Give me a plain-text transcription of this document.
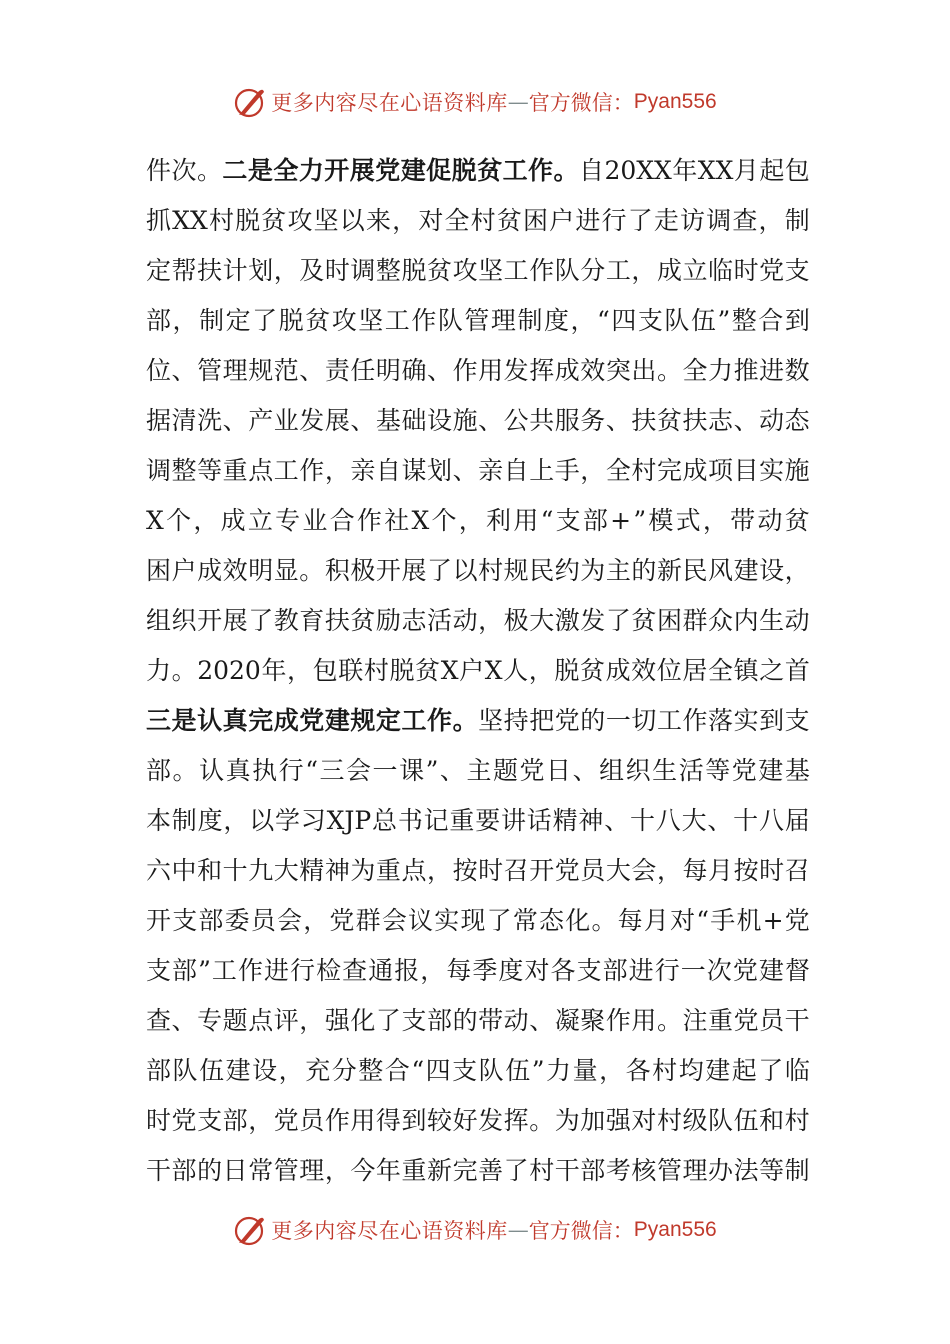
更多内容尽在心语资料库 — 官方微信： Pyan556
件 次 。 二 是 全 力 开 展 党 建 促 脱 贫 工 作 。 自 20XX 年 XX 月 起 包
抓 XX 村 脱 贫 攻 坚 以 来 ， 对 全 村 贫 困 户 进 行 了 走 访 调 查 ， 制
定 帮 扶 计 划 ， 及 时 调 整 脱 贫 攻 坚 工 作 队 分 工 ， 成 立 临 时 党 支
部 ， 制 定 了 脱 贫 攻 坚 工 作 队 管 理 制 度 ， “ 四 支 队 伍 ” 整 合 到
位 、 管 理 规 范 、 责 任 明 确 、 作 用 发 挥 成 效 突 出 。 全 力 推 进 数
据 清 洗 、 产 业 发 展 、 基 础 设 施 、 公 共 服 务 、 扶 贫 扶 志 、 动 态
调 整 等 重 点 工 作 ， 亲 自 谋 划 、 亲 自 上 手 ， 全 村 完 成 项 目 实 施
X 个 ， 成 立 专 业 合 作 社 X 个 ， 利 用 “ 支 部 + ” 模 式 ， 带 动 贫
困 户 成 效 明 显 。 积 极 开 展 了 以 村 规 民 约 为 主 的 新 民 风 建 设 ，
组 织 开 展 了 教 育 扶 贫 励 志 活 动 ， 极 大 激 发 了 贫 困 群 众 内 生 动
力 。 2020 年 ， 包 联 村 脱 贫 X 户 X 人 ， 脱 贫 成 效 位 居 全 镇 之 首
三 是 认 真 完 成 党 建 规 定 工 作 。 坚 持 把 党 的 一 切 工 作 落 实 到 支
部 。 认 真 执 行 “ 三 会 一 课 ” 、 主 题 党 日 、 组 织 生 活 等 党 建 基
本 制 度 ， 以 学 习 XJP 总 书 记 重 要 讲 话 精 神 、 十 八 大 、 十 八 届
六 中 和 十 九 大 精 神 为 重 点 ， 按 时 召 开 党 员 大 会 ， 每 月 按 时 召
开 支 部 委 员 会 ， 党 群 会 议 实 现 了 常 态 化 。 每 月 对 “ 手 机 + 党
支 部 ” 工 作 进 行 检 查 通 报 ， 每 季 度 对 各 支 部 进 行 一 次 党 建 督
查 、 专 题 点 评 ， 强 化 了 支 部 的 带 动 、 凝 聚 作 用 。 注 重 党 员 干
部 队 伍 建 设 ， 充 分 整 合 “ 四 支 队 伍 ” 力 量 ， 各 村 均 建 起 了 临
时 党 支 部 ， 党 员 作 用 得 到 较 好 发 挥 。 为 加 强 对 村 级 队 伍 和 村
干 部 的 日 常 管 理 ， 今 年 重 新 完 善 了 村 干 部 考 核 管 理 办 法 等 制
更多内容尽在心语资料库 — 官方微信： Pyan556
